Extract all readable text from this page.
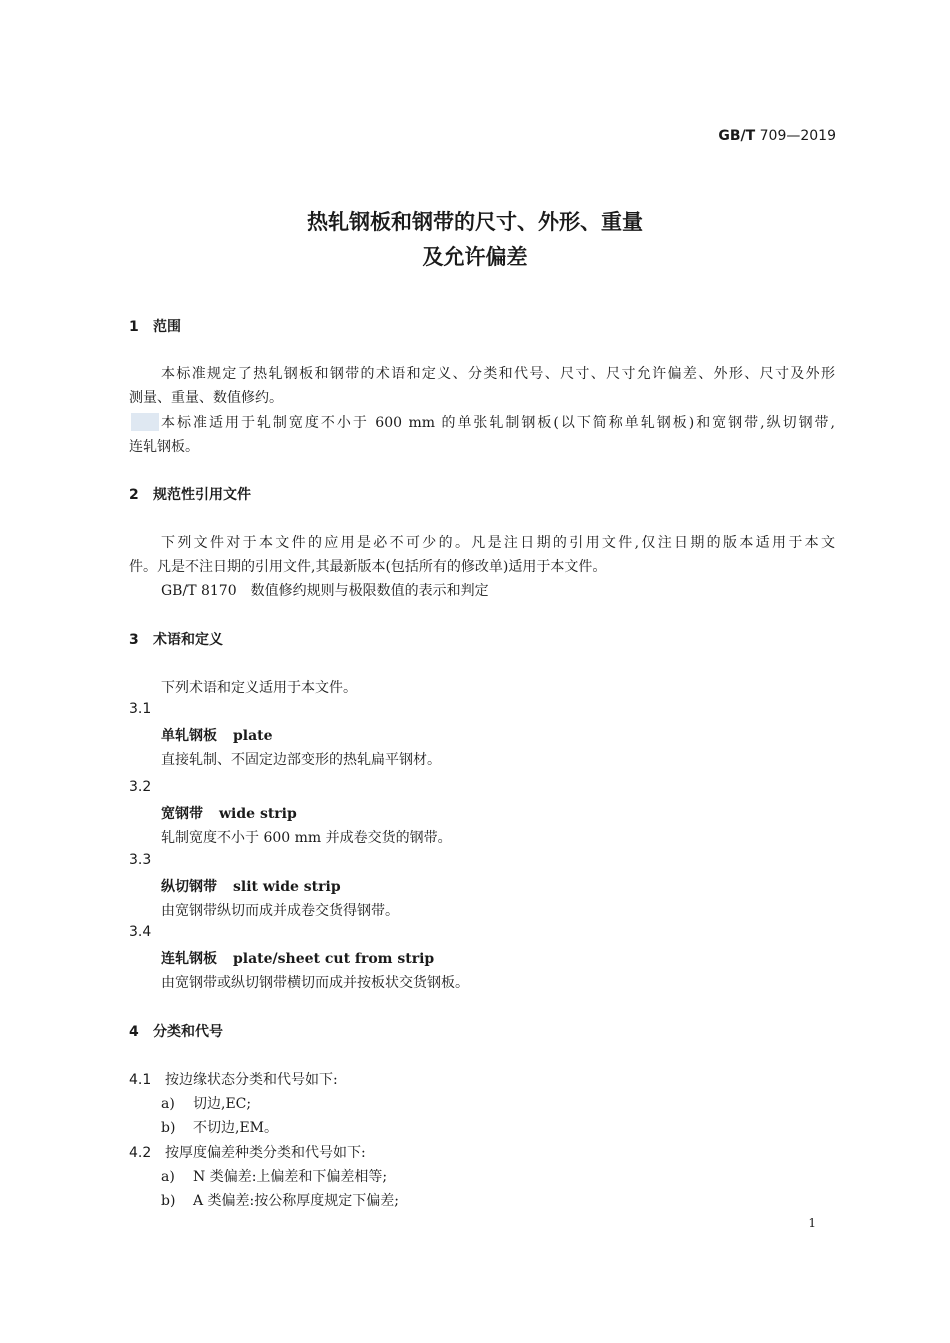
GB/T 709—2019
热轧钢板和钢带的尺寸、外形、重量
及允许偏差
1 范围
本标准规定了热轧钢板和钢带的术语和定义、分类和代号、尺寸、尺寸允许偏差、外形、尺寸及外形
测量、重量、数值修约。
本标准适用于轧制宽度不小于 600 mm 的单张轧制钢板(以下简称单轧钢板)和宽钢带,纵切钢带,
连轧钢板。
2 规范性引用文件
下列文件对于本文件的应用是必不可少的。凡是注日期的引用文件,仅注日期的版本适用于本文
件。凡是不注日期的引用文件,其最新版本(包括所有的修改单)适用于本文件。
GB/T 8170　数值修约规则与极限数值的表示和判定
3 术语和定义
下列术语和定义适用于本文件。
3.1
单轧钢板 plate
直接轧制、不固定边部变形的热轧扁平钢材。
3.2
宽钢带 wide strip
轧制宽度不小于 600 mm 并成卷交货的钢带。
3.3
纵切钢带 slit wide strip
由宽钢带纵切而成并成卷交货得钢带。
3.4
连轧钢板 plate/sheet cut from strip
由宽钢带或纵切钢带横切而成并按板状交货钢板。
4 分类和代号
4.1 按边缘状态分类和代号如下:
a) 切边,EC;
b) 不切边,EM。
4.2 按厚度偏差种类分类和代号如下:
a) N 类偏差:上偏差和下偏差相等;
b) A 类偏差:按公称厚度规定下偏差;
1
